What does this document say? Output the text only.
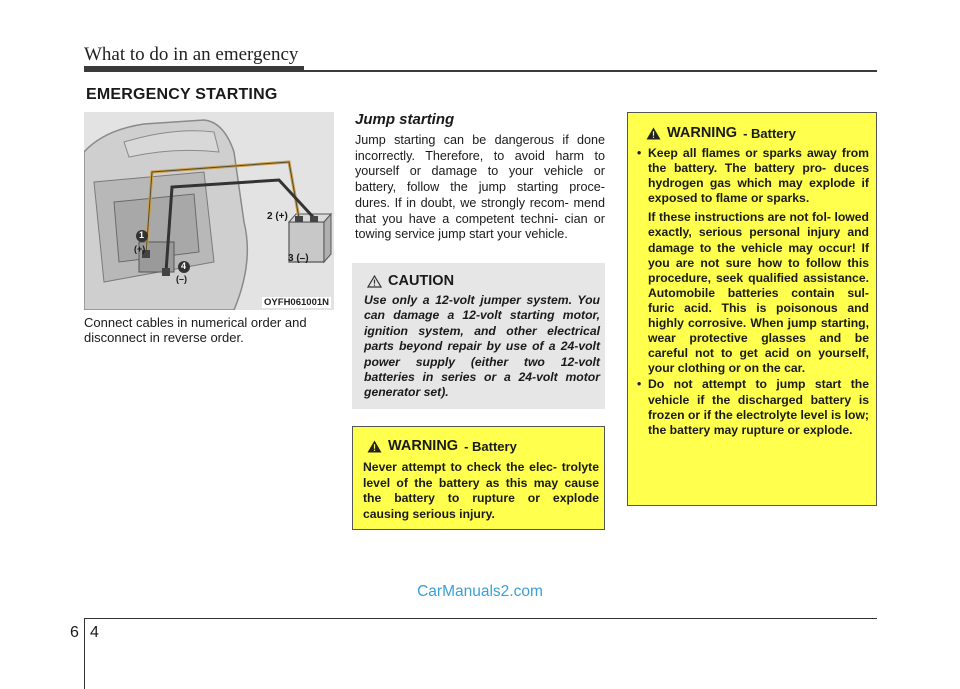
What to do in an emergency
EMERGENCY STARTING
1
(+)
2 (+)
3 (–)
4
(–)
OYFH061001N
Connect cables in numerical order and disconnect in reverse order.
Jump starting
Jump starting can be dangerous if done incorrectly. Therefore, to avoid harm to yourself or damage to your vehicle or battery, follow the jump starting proce- dures. If in doubt, we strongly recom- mend that you have a competent techni- cian or towing service jump start your vehicle.
CAUTION
Use only a 12-volt jumper system. You can damage a 12-volt starting motor, ignition system, and other electrical parts beyond repair by use of a 24-volt power supply (either two 12-volt batteries in series or a 24-volt motor generator set).
WARNING - Battery
Never attempt to check the elec- trolyte level of the battery as this may cause the battery to rupture or explode causing serious injury.
WARNING - Battery
• Keep all flames or sparks away from the battery. The battery pro- duces hydrogen gas which may explode if exposed to flame or sparks.
If these instructions are not fol- lowed exactly, serious personal injury and damage to the vehicle may occur! If you are not sure how to follow this procedure, seek qualified assistance. Automobile batteries contain sul- furic acid. This is poisonous and highly corrosive. When jump starting, wear protective glasses and be careful not to get acid on yourself, your clothing or on the car.
• Do not attempt to jump start the vehicle if the discharged battery is frozen or if the electrolyte level is low; the battery may rupture or explode.
CarManuals2.com
6 4
